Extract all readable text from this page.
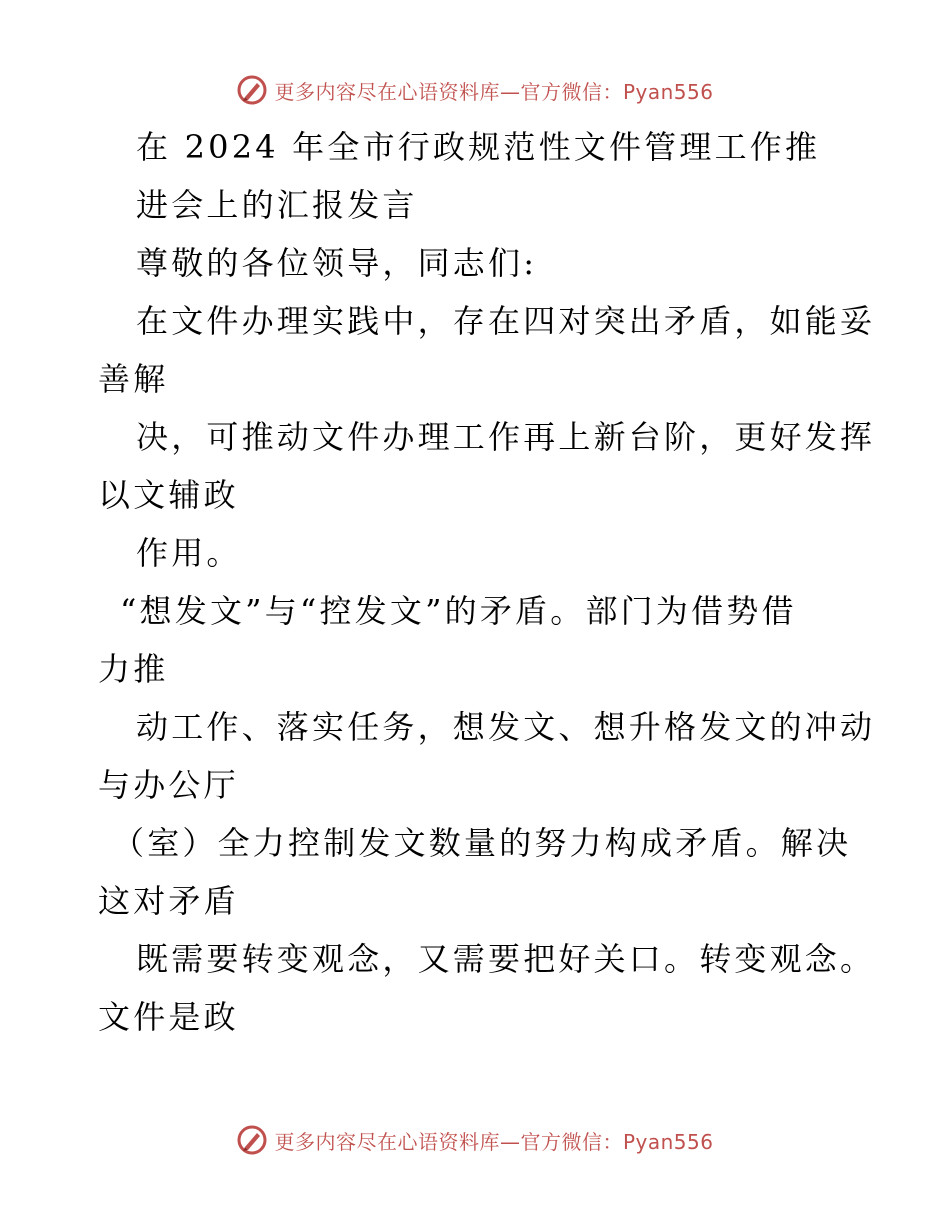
更多内容尽在心语资料库—官方微信：Pyan556
在 2024 年全市行政规范性文件管理工作推
进会上的汇报发言
尊敬的各位领导，同志们:
在文件办理实践中，存在四对突出矛盾，如能妥
善解
决，可推动文件办理工作再上新台阶，更好发挥
以文辅政
作用。
“想发文”与“控发文”的矛盾。部门为借势借
力推
动工作、落实任务，想发文、想升格发文的冲动
与办公厅
（室）全力控制发文数量的努力构成矛盾。解决
这对矛盾
既需要转变观念，又需要把好关口。转变观念。
文件是政
更多内容尽在心语资料库—官方微信：Pyan556
